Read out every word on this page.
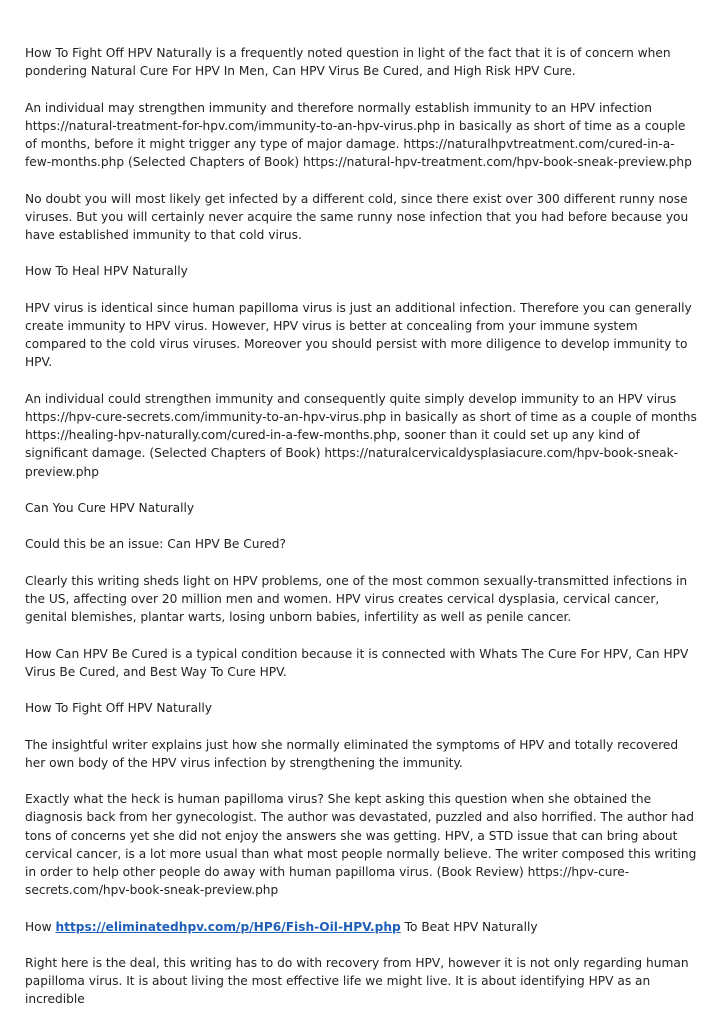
How To Fight Off HPV Naturally is a frequently noted question in light of the fact that it is of concern when pondering Natural Cure For HPV In Men, Can HPV Virus Be Cured, and High Risk HPV Cure.

An individual may strengthen immunity and therefore normally establish immunity to an HPV infection https://natural-treatment-for-hpv.com/immunity-to-an-hpv-virus.php in basically as short of time as a couple of months, before it might trigger any type of major damage. https://naturalhpvtreatment.com/cured-in-a-few-months.php (Selected Chapters of Book) https://natural-hpv-treatment.com/hpv-book-sneak-preview.php

No doubt you will most likely get infected by a different cold, since there exist over 300 different runny nose viruses. But you will certainly never acquire the same runny nose infection that you had before because you have established immunity to that cold virus.

How To Heal HPV Naturally

HPV virus is identical since human papilloma virus is just an additional infection. Therefore you can generally create immunity to HPV virus. However, HPV virus is better at concealing from your immune system compared to the cold virus viruses. Moreover you should persist with more diligence to develop immunity to HPV.

An individual could strengthen immunity and consequently quite simply develop immunity to an HPV virus https://hpv-cure-secrets.com/immunity-to-an-hpv-virus.php in basically as short of time as a couple of months https://healing-hpv-naturally.com/cured-in-a-few-months.php, sooner than it could set up any kind of significant damage. (Selected Chapters of Book) https://naturalcervicaldysplasiacure.com/hpv-book-sneak-preview.php

Can You Cure HPV Naturally

Could this be an issue: Can HPV Be Cured?

Clearly this writing sheds light on HPV problems, one of the most common sexually-transmitted infections in the US, affecting over 20 million men and women. HPV virus creates cervical dysplasia, cervical cancer, genital blemishes, plantar warts, losing unborn babies, infertility as well as penile cancer.

How Can HPV Be Cured is a typical condition because it is connected with Whats The Cure For HPV, Can HPV Virus Be Cured, and Best Way To Cure HPV.

How To Fight Off HPV Naturally

The insightful writer explains just how she normally eliminated the symptoms of HPV and totally recovered her own body of the HPV virus infection by strengthening the immunity.

Exactly what the heck is human papilloma virus? She kept asking this question when she obtained the diagnosis back from her gynecologist. The author was devastated, puzzled and also horrified. The author had tons of concerns yet she did not enjoy the answers she was getting. HPV, a STD issue that can bring about cervical cancer, is a lot more usual than what most people normally believe. The writer composed this writing in order to help other people do away with human papilloma virus. (Book Review) https://hpv-cure-secrets.com/hpv-book-sneak-preview.php

How https://eliminatedhpv.com/p/HP6/Fish-Oil-HPV.php To Beat HPV Naturally

Right here is the deal, this writing has to do with recovery from HPV, however it is not only regarding human papilloma virus. It is about living the most effective life we might live. It is about identifying HPV as an incredible
